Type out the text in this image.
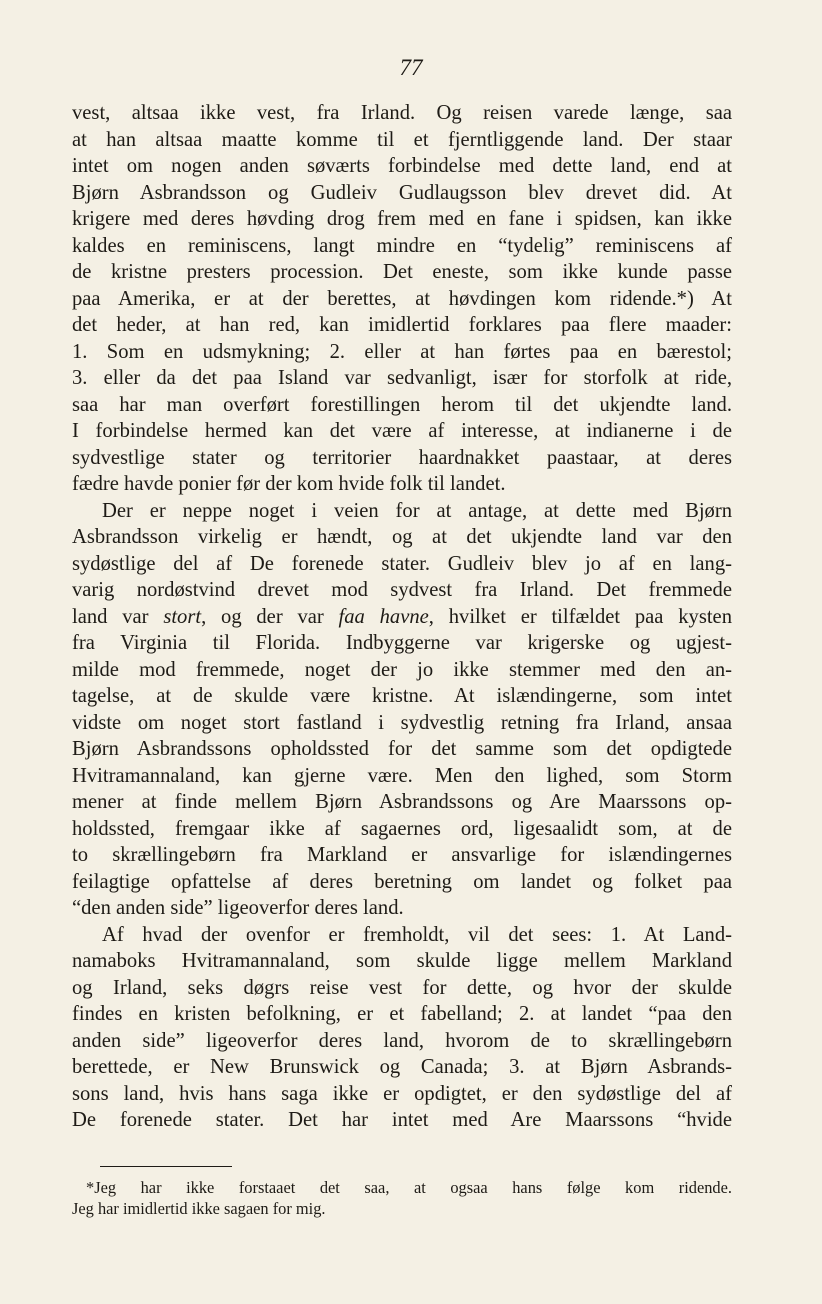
77
vest, altsaa ikke vest, fra Irland. Og reisen varede længe, saa
at han altsaa maatte komme til et fjerntliggende land. Der staar
intet om nogen anden søværts forbindelse med dette land, end at
Bjørn Asbrandsson og Gudleiv Gudlaugsson blev drevet did. At
krigere med deres høvding drog frem med en fane i spidsen, kan ikke
kaldes en reminiscens, langt mindre en “tydelig” reminiscens af
de kristne presters procession. Det eneste, som ikke kunde passe
paa Amerika, er at der berettes, at høvdingen kom ridende.*) At
det heder, at han red, kan imidlertid forklares paa flere maader:
1. Som en udsmykning; 2. eller at han førtes paa en bærestol;
3. eller da det paa Island var sedvanligt, især for storfolk at ride,
saa har man overført forestillingen herom til det ukjendte land.
I forbindelse hermed kan det være af interesse, at indianerne i de
sydvestlige stater og territorier haardnakket paastaar, at deres
fædre havde ponier før der kom hvide folk til landet.
Der er neppe noget i veien for at antage, at dette med Bjørn
Asbrandsson virkelig er hændt, og at det ukjendte land var den
sydøstlige del af De forenede stater. Gudleiv blev jo af en lang-
varig nordøstvind drevet mod sydvest fra Irland. Det fremmede
land var stort, og der var faa havne, hvilket er tilfældet paa kysten
fra Virginia til Florida. Indbyggerne var krigerske og ugjest-
milde mod fremmede, noget der jo ikke stemmer med den an-
tagelse, at de skulde være kristne. At islændingerne, som intet
vidste om noget stort fastland i sydvestlig retning fra Irland, ansaa
Bjørn Asbrandssons opholdssted for det samme som det opdigtede
Hvitramannaland, kan gjerne være. Men den lighed, som Storm
mener at finde mellem Bjørn Asbrandssons og Are Maarssons op-
holdssted, fremgaar ikke af sagaernes ord, ligesaalidt som, at de
to skrællingebørn fra Markland er ansvarlige for islændingernes
feilagtige opfattelse af deres beretning om landet og folket paa
“den anden side” ligeoverfor deres land.
Af hvad der ovenfor er fremholdt, vil det sees: 1. At Land-
namaboks Hvitramannaland, som skulde ligge mellem Markland
og Irland, seks døgrs reise vest for dette, og hvor der skulde
findes en kristen befolkning, er et fabelland; 2. at landet “paa den
anden side” ligeoverfor deres land, hvorom de to skrællingebørn
berettede, er New Brunswick og Canada; 3. at Bjørn Asbrands-
sons land, hvis hans saga ikke er opdigtet, er den sydøstlige del af
De forenede stater. Det har intet med Are Maarssons “hvide
*Jeg har ikke forstaaet det saa, at ogsaa hans følge kom ridende.
Jeg har imidlertid ikke sagaen for mig.
